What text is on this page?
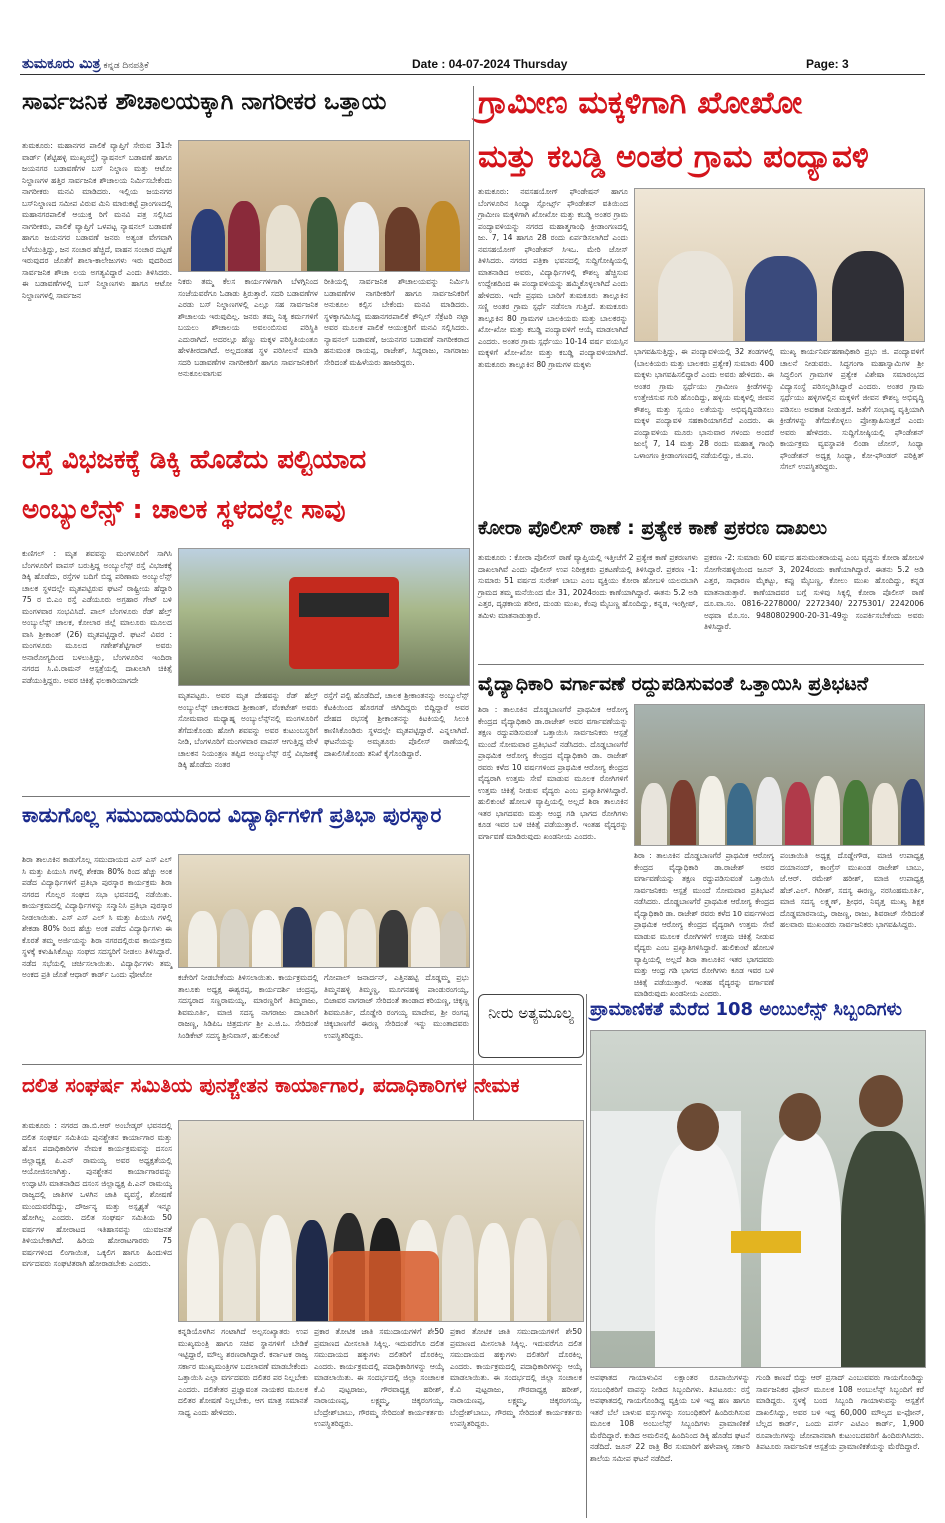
ತುಮಕೂರು ಮಿತ್ರ ಕನ್ನಡ ದಿನಪತ್ರಿಕೆ	Date : 04-07-2024 Thursday	Page: 3
ಸಾರ್ವಜನಿಕ ಶೌಚಾಲಯಕ್ಕಾಗಿ ನಾಗರೀಕರ ಒತ್ತಾಯ
ತುಮಕೂರು: ಮಹಾನಗರ ಪಾಲಿಕೆ ವ್ಯಾಪ್ತಿಗೆ ಸೇರುವ 31ನೇ ವಾರ್ಡ್ (ಶೆಟ್ಟಿಹಳ್ಳಿ ಮುಖ್ಯರಸ್ತೆ) ನ್ಯಾಷನಲ್ ಬಡಾವಣೆ ಹಾಗೂ ಜಯನಗರ ಬಡಾವಣೆಗಳ ಬಸ್ ನಿಲ್ದಾಣ ಮತ್ತು ಆಟೋ ನಿಲ್ದಾಣಗಳ ಹತ್ತಿರ ಸಾರ್ವಜನಿಕ ಶೌಚಾಲಯ ನಿರ್ಮಿಸಬೇಕೆಂದು ನಾಗರೀಕರು ಮನವಿ ಮಾಡಿದರು. ಇಲ್ಲಿಯ ಜಯನಗರ ಬಸ್‌ನಿಲ್ದಾಣದ ಸಮೀಪ ವಿರುವ ಮಿನಿ ಮಾರುಕಟ್ಟೆ ಪ್ರಾಂಗಣದಲ್ಲಿ ಮಹಾನಗರಪಾಲಿಕೆ ಆಯುಕ್ತ ರಿಗೆ ಮನವಿ ಪತ್ರ ಸಲ್ಲಿಸಿದ ನಾಗರೀಕರು, ಪಾಲಿಕೆ ವ್ಯಾಪ್ತಿಗೆ ಒಳಪಟ್ಟ ನ್ಯಾಷನಲ್ ಬಡಾವಣೆ ಹಾಗೂ ಜಯನಗರ ಬಡಾವಣೆ ಜನರು ಅತ್ಯಂತ ವೇಗವಾಗಿ ಬೆಳೆಯುತ್ತಿದ್ದು, ಜನ ಸಂಚಾರ ಹೆಚ್ಚಿದೆ, ವಾಹನ ಸಂಚಾರ ದಟ್ಟಣೆ ಇರುವುದರ ಜೊತೆಗೆ ಶಾಲಾ-ಕಾಲೇಜುಗಳು ಇರು ವುದರಿಂದ ಸಾರ್ವಜನಿಕ ಶೌಚಾ ಲಯ ಅಗತ್ಯವಿದ್ದಾರೆ ಎಂದು ತಿಳಿಸಿದರು. ಈ ಬಡಾವಣೆಗಳಲ್ಲಿ ಬಸ್ ನಿಲ್ದಾಣಗಳು ಹಾಗೂ ಆಟೋ ನಿಲ್ದಾಣಗಳಲ್ಲಿ ಸಾರ್ವಜನ
ನಿಕರು ತಮ್ಮ ಕೆಲಸ ಕಾರ್ಯಗಳಿಗಾಗಿ ಬೆಳಗ್ಗಿನಿಂದ ಸಂಜೆಯವರೆಗೂ ಓಡಾಡು ತ್ತಿರುತ್ತಾರೆ. ಸದರಿ ಬಡಾವಣೆಗಳ ಎರಡು ಬಸ್ ನಿಲ್ದಾಣಗಳಲ್ಲಿ ಎಲ್ಲೂ ಸಹ ಸಾರ್ವಜನಿಕ ಶೌಚಾಲಯ ಇರುವುದಿಲ್ಲ. ಜನರು ತಮ್ಮ ನಿತ್ಯ ಕರ್ಮಗಳಿಗೆ ಬಯಲು ಶೌಚಾಲಯ ಅವಲಂಬಿಸುವ ಪರಿಸ್ಥಿತಿ ಎದುರಾಗಿದೆ. ಅದರಲ್ಲೂ ಹೆಣ್ಣು ಮಕ್ಕಳ ಪರಿಸ್ಥಿತಿಯಂತೂ ಹೇಳತೀರದಾಗಿದೆ. ಅಲ್ಲದಂತಹ ಸ್ಥಳ ಪರಿಸೀಲನೆ ಮಾಡಿ ಸದರಿ ಬಡಾವಣೆಗಳ ನಾಗರೀಕರಿಗೆ ಹಾಗೂ ಸಾರ್ವಜನಿಕರಿಗೆ ಅನುಕೂಲವಾಗುವ
ರೀತಿಯಲ್ಲಿ ಸಾರ್ವಜನಿಕ ಶೌಚಾಲಯವನ್ನು ನಿರ್ಮಿಸಿ ಬಡಾವಣೆಗಳ ನಾಗರೀಕರಿಗೆ ಹಾಗೂ ಸಾರ್ವಜನಿಕರಿಗೆ ಅನುಕೂಲ ಕಲ್ಪಿಸ ಬೇಕೆಂದು ಮನವಿ ಮಾಡಿದರು. ಸ್ಥಳಕ್ಕಾಗಮಿಸಿದ್ದ ಮಹಾನಗರಪಾಲಿಕೆ ಕೌನ್ಸಿಲ್ ಸೆಕ್ರೆಟರಿ ನಟ್ಟಾ ಅವರ ಮೂಲಕ ಪಾಲಿಕೆ ಆಯುಕ್ತರಿಗೆ ಮನವಿ ಸಲ್ಲಿಸಿದರು. ನ್ಯಾಷನಲ್ ಬಡಾವಣೆ, ಜಯನಗರ ಬಡಾವಣೆ ನಾಗರೀಕರಾದ ಹನುಮಂತ ರಾಯಪ್ಪ, ರಾಜೇಶ್, ಸಿದ್ದರಾಜು, ನಾಗರಾಜು ಸೇರಿದಂತೆ ಮಹಿಳೆಯರು ಹಾಜರಿದ್ದರು.
ಗ್ರಾಮೀಣ ಮಕ್ಕಳಿಗಾಗಿ ಖೋಖೋ
ಮತ್ತು ಕಬಡ್ಡಿ ಅಂತರ ಗ್ರಾಮ ಪಂದ್ಯಾವಳಿ
ತುಮಕೂರು: ನವಸಹಯೋಗ್ ಫೌಂಡೇಷನ್ ಹಾಗೂ ಬೆಂಗಳೂರಿನ ಸಿಂಧ್ಯಾ ಸ್ಪೋರ್ಟ್ಸ್ ಫೌಂಡೇಶನ್ ವತಿಯಿಂದ ಗ್ರಾಮೀಣ ಮಕ್ಕಳಿಗಾಗಿ ಖೋಖೋ ಮತ್ತು ಕಬಡ್ಡಿ ಅಂತರ ಗ್ರಾಮ ಪಂದ್ಯಾವಳಿಯನ್ನು ನಗರದ ಮಹಾತ್ಮಗಾಂಧಿ ಕ್ರೀಡಾಂಗಣದಲ್ಲಿ ಜು. 7, 14 ಹಾಗೂ 28 ರಂದು ಏರ್ಪಡಿಸಲಾಗಿದೆ ಎಂದು ನವಸಹಯೋಗ್ ಫೌಂಡೇಶನ್ ಸಿಇಒ. ಮೇರಿ ಜೋಸ್ ತಿಳಿಸಿದರು. ನಗರದ ಪತ್ರಿಕಾ ಭವನದಲ್ಲಿ ಸುದ್ದಿಗೋಷ್ಠಿಯಲ್ಲಿ ಮಾತನಾಡಿದ ಅವರು, ವಿದ್ಯಾರ್ಥಿಗಳಲ್ಲಿ ಕೌಶಲ್ಯ ಹೆಚ್ಚಿಸುವ ಉದ್ದೇಶದಿಂದ ಈ ಪಂದ್ಯಾವಳಿಯನ್ನು ಹಮ್ಮಿಕೊಳ್ಳಲಾಗಿದೆ ಎಂದು ಹೇಳಿದರು. ಇದೇ ಪ್ರಥಮ ಬಾರಿಗೆ ತುಮಕೂರು ತಾಲ್ಲೂಕಿನ ಸಣ್ಣಿ ಅಂತರ ಗ್ರಾಮ ಸ್ಪರ್ಧೆ ನಡೆಸಲಾ ಗುತ್ತಿದೆ. ತುಮಕೂರು ತಾಲ್ಲೂಕಿನ 80 ಗ್ರಾಮಗಳ ಬಾಲಕಿಯರು ಮತ್ತು ಬಾಲಕರನ್ನು ಖೋ-ಖೋ ಮತ್ತು ಕಬಡ್ಡಿ ಪಂದ್ಯಾವಳಿಗೆ ಆಯ್ಕೆ ಮಾಡಲಾಗಿದೆ ಎಂದರು. ಅಂತರ ಗ್ರಾಮ ಸ್ಪರ್ಧೆಯು 10-14 ವರ್ಷ ವಯಸ್ಸಿನ ಮಕ್ಕಳಿಗೆ ಖೋ-ಖೋ ಮತ್ತು ಕಬಡ್ಡಿ ಪಂದ್ಯಾವಳಿಯಾಗಿದೆ. ತುಮಕೂರು ತಾಲ್ಲೂಕಿನ 80 ಗ್ರಾಮಗಳ ಮಕ್ಕಳು
ಭಾಗವಹಿಸುತ್ತಿದ್ದು, ಈ ಪಂದ್ಯಾವಳಿಯಲ್ಲಿ 32 ತಂಡಗಳಲ್ಲಿ (ಬಾಲಕಿಯರು ಮತ್ತು ಬಾಲಕರು ಪ್ರತ್ಯೇಕ) ಸುಮಾರು 400 ಮಕ್ಕಳು ಭಾಗವಹಿಸಲಿದ್ದಾರೆ ಎಂದು ಅವರು ಹೇಳಿದರು. ಈ ಅಂತರ ಗ್ರಾಮ ಸ್ಪರ್ಧೆಯು ಗ್ರಾಮೀಣ ಕ್ರೀಡೆಗಳನ್ನು ಉತ್ತೇಜಿಸುವ ಗುರಿ ಹೊಂದಿದ್ದು, ಹಳ್ಳಿಯ ಮಕ್ಕಳಲ್ಲಿ ಜೀವನ ಕೌಶಲ್ಯ ಮತ್ತು ಸ್ವಯಂ ಲತೆಯನ್ನು ಅಭಿವೃದ್ಧಿಪಡಿಸಲು ಮಕ್ಕಳ ಪಂದ್ಯಾವಳಿ ಸಹಕಾರಿಯಾಗಲಿದೆ ಎಂದರು. ಈ ಪಂದ್ಯಾವಳಿಯ ಮೂರು ಭಾನುವಾರ ಗಳಂದು ಅಂದರೆ ಜುಲೈ 7, 14 ಮತ್ತು 28 ರಂದು ಮಹಾತ್ಮ ಗಾಂಧಿ ಒಳಾಂಗಣ ಕ್ರೀಡಾಂಗಣದಲ್ಲಿ ನಡೆಯಲಿದ್ದು, ಜಿ.ಪಂ.
ಮುಖ್ಯ ಕಾರ್ಯನಿರ್ವಹಣಾಧಿಕಾರಿ ಪ್ರಭು ಜಿ. ಪಂದ್ಯಾವಳಿಗೆ ಚಾಲನೆ ನೀಡುವರು. ಸಿದ್ಧಗಂಗಾ ಮಹಾಸ್ವಾಮಿಗಳ ಶ್ರೀ ಸಿದ್ಧಲಿಂಗ ಗ್ರಾಮಗಳ ಪ್ರತ್ಯೇಕ ವಿಶೇಷಾ ಸಮಾರಂಭದ ವಿದ್ಯಾಸಂಸ್ಥೆ ಪರಿಸಲ್ಪಡಿಸಿದ್ದಾರೆ ಎಂದರು. ಅಂತರ ಗ್ರಾಮ ಸ್ಪರ್ಧೆಯು ಹಳ್ಳಿಗಳಲ್ಲಿನ ಮಕ್ಕಳಿಗೆ ಜೀವನ ಕೌಶಲ್ಯ ಅಭಿವೃದ್ಧಿ ಪಡಿಸಲು ಅವಕಾಶ ನೀಡುತ್ತದೆ. ಜತೆಗೆ ಸಂಭಾವ್ಯ ವೃತ್ತಿಯಾಗಿ ಕ್ರೀಡೆಗಳನ್ನು ತೆಗೆದುಕೊಳ್ಳಲು ಪ್ರೋತ್ಸಾಹಿಸುತ್ತದೆ ಎಂದು ಅವರು ಹೇಳಿದರು. ಸುದ್ದಿಗೋಷ್ಠಿಯಲ್ಲಿ ಫೌಂಡೇಶನ್ ಕಾರ್ಯಕ್ರಮ ವ್ಯವಸ್ಥಾಪಕಿ ಲಿಂಡಾ ಜೋಸ್, ಸಿಂಧ್ಯಾ ಫೌಂಡೇಶನ್ ಅಧ್ಯಕ್ಷ ಸಿಂಧ್ಯಾ, ಕೋ-ಫೌಂಡರ್ ಪರಿಕ್ಷಿತ್ ಸೆಗಲ್ ಉಪಸ್ಥಿತರಿದ್ದರು.
ರಸ್ತೆ ವಿಭಜಕಕ್ಕೆ ಡಿಕ್ಕಿ ಹೊಡೆದು ಪಲ್ಟಿಯಾದ
ಅಂಬ್ಯುಲೆನ್ಸ್ : ಚಾಲಕ ಸ್ಥಳದಲ್ಲೇ ಸಾವು
ಕುಣಿಗಲ್ : ಮೃತ ಶವವನ್ನು ಮಂಗಳೂರಿಗೆ ಸಾಗಿಸಿ ಬೆಂಗಳೂರಿಗೆ ವಾಪಸ್ ಬರುತ್ತಿದ್ದ ಅಂಬ್ಯುಲೆನ್ಸ್ ರಸ್ತೆ ವಿಭಜಕಕ್ಕೆ ಡಿಕ್ಕಿ ಹೊಡೆದು, ರಸ್ತೆಗಳ ಬದಿಗೆ ಬಿದ್ದ ಪರಿಣಾಮ ಅಂಬ್ಯುಲೆನ್ಸ್ ಚಾಲಕ ಸ್ಥಳದಲ್ಲೇ ಮೃತಪಟ್ಟಿರುವ ಘಟನೆ ರಾಷ್ಟ್ರೀಯ ಹೆದ್ದಾರಿ 75 ರ ಬಿ.ಎಂ ರಸ್ತೆ ಎಡೆಯೂರು ಅಗ್ರಹಾರ ಗೇಟ್ ಬಳಿ ಮಂಗಳವಾರ ಸಂಭವಿಸಿದೆ. ಪಾಲ್ ಬೆಂಗಳೂರು ರೆಡ್ ಹೆಲ್ತ್ ಅಂಬ್ಯುಲೆನ್ಸ್ ಚಾಲಕ, ಕೋಲಾರ ಜಿಲ್ಲೆ ಮಾಲೂರು ಮೂಲದ ವಾಸಿ ಶ್ರೀಕಾಂತ್ (26) ಮೃತಪಟ್ಟಿದ್ದಾರೆ. ಘಟನೆ ವಿವರ : ಮಂಗಳೂರು ಮೂಲದ ಗಣೇಶ್‌ಶೆಟ್ಟಿಗಾರ್ ಅವರು ಅನಾರೋಗ್ಯದಿಂದ ಬಳಲುತ್ತಿದ್ದು, ಬೆಂಗಳೂರಿನ ಇಂದಿರಾ ನಗರದ ಸಿ.ವಿ.ರಾಮನ್ ಆಸ್ಪತ್ರೆಯಲ್ಲಿ ದಾಖಲಾಗಿ ಚಿಕಿತ್ಸೆ ಪಡೆಯುತ್ತಿದ್ದರು. ಅವರ ಚಿಕಿತ್ಸೆ ಫಲಕಾರಿಯಾಗದೇ
ಮೃತಪಟ್ಟರು. ಅವರ ಮೃತ ದೇಹವನ್ನು ರೆಡ್ ಹೆಲ್ತ್ ಅಂಬ್ಯುಲೆನ್ಸ್ ಚಾಲಕರಾದ ಶ್ರೀಕಾಂತ್, ವೆಂಕಟೇಶ್ ಅವರು ಸೋಮವಾರ ಮಧ್ಯಾಹ್ನ ಅಂಬ್ಯುಲೆನ್ಸ್‌ನಲ್ಲಿ ಮಂಗಳೂರಿಗೆ ತೆಗೆದುಕೊಂಡು ಹೋಗಿ ಶವವನ್ನು ಅವರ ಕುಟುಂಬಸ್ಥರಿಗೆ ನೀಡಿ, ಬೆಂಗಳೂರಿಗೆ ಮಂಗಳವಾರ ವಾಪಸ್ ಆಗುತ್ತಿದ್ದ ವೇಳೆ ಚಾಲಕನ ನಿಯಂತ್ರಣ ತಪ್ಪಿದ ಅಂಬ್ಯುಲೆನ್ಸ್ ರಸ್ತೆ ವಿಭಜಕಕ್ಕೆ ಡಿಕ್ಕಿ ಹೊಡೆದು ನಂತರ
ರಸ್ತೆಗೆ ಪಲ್ಟಿ ಹೊಡೆದಿದೆ, ಚಾಲಕ ಶ್ರೀಕಾಂತನನ್ನು ಅಂಬ್ಯುಲೆನ್ಸ್ ಕೆಟಕಿಯಿಂದ ಹೊರಗಡೆ ಜಿಗಿದಿದ್ದರು ಬಿದ್ದಿದ್ದಾರೆ ಅವರ ದೇಹದ ರಭಸಕ್ಕೆ ಶ್ರೀಕಾಂತನನ್ನು ಕಿಟಕಿಯಲ್ಲಿ ಸಿಲುಕಿ ಕಾಣಿಸಿಕೊಂಡಿರು ಸ್ಥಳದಲ್ಲೇ ಮೃತಪಟ್ಟಿದ್ದಾರೆ. ಎನ್ನಲಾಗಿದೆ. ಘಟನೆಯನ್ನು ಅಮೃತೂರು ಪೊಲೀಸ್ ಠಾಣೆಯಲ್ಲಿ ದಾಖಲಿಸಿಕೊಂಡು ತನಿಖೆ ಕೈಗೊಂಡಿದ್ದಾರೆ.
ಕೋರಾ ಪೊಲೀಸ್ ಠಾಣೆ : ಪ್ರತ್ಯೇಕ ಕಾಣೆ ಪ್ರಕರಣ ದಾಖಲು
ತುಮಕೂರು : ಕೋರಾ ಪೊಲೀಸ್ ಠಾಣೆ ವ್ಯಾಪ್ತಿಯಲ್ಲಿ ಇತ್ತೀಚೆಗೆ 2 ಪ್ರತ್ಯೇಕ ಕಾಣೆ ಪ್ರಕರಣಗಳು ದಾಖಲಾಗಿವೆ ಎಂದು ಪೊಲೀಸ್ ಉಪ ನಿರೀಕ್ಷಕರು ಪ್ರಕಟಣೆಯಲ್ಲಿ ತಿಳಿಸಿದ್ದಾರೆ. ಪ್ರಕರಣ -1: ಸುಮಾರು 51 ವರ್ಷದ ಸುರೇಶ್ ಬಾಬು ಎಂಬ ವ್ಯಕ್ತಿಯು ಕೋರಾ ಹೋಬಳಿ ಯಲದಬಾಗಿ ಗ್ರಾಮದ ತಮ್ಮ ಮನೆಯಿಂದ ಮೇ 31, 2024ರಂದು ಕಾಣೆಯಾಗಿದ್ದಾರೆ. ಈತನು 5.2 ಅಡಿ ಎತ್ತರ, ದೃಢಕಾಯ ಶರೀರ, ದುಂಡು ಮುಖ, ಕೆಂಪು ಮೈಬಣ್ಣ ಹೊಂದಿದ್ದು, ಕನ್ನಡ, ಇಂಗ್ಲೀಷ್, ತಮಿಳು ಮಾತನಾಡುತ್ತಾರೆ.
ಪ್ರಕರಣ -2: ಸುಮಾರು 60 ವರ್ಷದ ಹನುಮಂತರಾಯಪ್ಪ ಎಂಬ ವೃದ್ಧನು ಕೋರಾ ಹೋಬಳಿ ಸೋಗೇನಹಳ್ಳಿಯಿಂದ ಜೂನ್ 3, 2024ರಂದು ಕಾಣೆಯಾಗಿದ್ದಾರೆ. ಈತನು 5.2 ಅಡಿ ಎತ್ತರ, ಸಾಧಾರಣ ಮೈಕಟ್ಟು, ಕಪ್ಪು ಮೈಬಣ್ಣ, ಕೋಲು ಮುಖ ಹೊಂದಿದ್ದು, ಕನ್ನಡ ಮಾತನಾಡುತ್ತಾರೆ. ಕಾಣೆಯಾದವರ ಬಗ್ಗೆ ಸುಳಿವು ಸಿಕ್ಕಲ್ಲಿ ಕೋರಾ ಪೊಲೀಸ್ ಠಾಣೆ ದೂ.ವಾ.ಸಂ. 0816-2278000/ 2272340/ 2275301/ 2242006 ಅಥವಾ ಮೊ.ಸಂ. 9480802900-20-31-49ನ್ನು ಸಂಪರ್ಕಿಸಬೇಕೆಂದು ಅವರು ತಿಳಿಸಿದ್ದಾರೆ.
ವೈದ್ಯಾಧಿಕಾರಿ ವರ್ಗಾವಣೆ ರದ್ದುಪಡಿಸುವಂತೆ ಒತ್ತಾಯಿಸಿ ಪ್ರತಿಭಟನೆ
ಶಿರಾ : ತಾಲೂಕಿನ ದೊಡ್ಡಬಾಣಗೆರೆ ಪ್ರಾಥಮಿಕ ಆರೋಗ್ಯ ಕೇಂದ್ರದ ವೈದ್ಯಾಧಿಕಾರಿ ಡಾ.ರಾಜೇಶ್ ಅವರ ವರ್ಗಾವಣೆಯನ್ನು ತಕ್ಷಣ ರದ್ದುಪಡಿಸುವಂತೆ ಒತ್ತಾಯಿಸಿ ಸಾರ್ವಜನಿಕರು ಆಸ್ಪತ್ರೆ ಮುಂದೆ ಸೋಮವಾರ ಪ್ರತಿಭಟನೆ ನಡೆಸಿದರು. ದೊಡ್ಡಬಾಣಗೆರೆ ಪ್ರಾಥಮಿಕ ಆರೋಗ್ಯ ಕೇಂದ್ರದ ವೈದ್ಯಾಧಿಕಾರಿ ಡಾ. ರಾಜೇಶ್ ರವರು ಕಳೆದ 10 ವರ್ಷಗಳಿಂದ ಪ್ರಾಥಮಿಕ ಆರೋಗ್ಯ ಕೇಂದ್ರದ ವೈದ್ಯರಾಗಿ ಉತ್ತಮ ಸೇವೆ ಮಾಡುವ ಮೂಲಕ ರೋಗಿಗಳಿಗೆ ಉತ್ತಮ ಚಿಕಿತ್ಸೆ ನೀಡುವ ವೈದ್ಯರು ಎಂಬ ಪ್ರಖ್ಯಾತಿಗಳಿಸಿದ್ದಾರೆ. ಹುಲಿಕುಂಟೆ ಹೋಬಳಿ ವ್ಯಾಪ್ತಿಯಲ್ಲಿ ಅಲ್ಲದೆ ಶಿರಾ ತಾಲೂಕಿನ ಇತರ ಭಾಗದವರು ಮತ್ತು ಆಂಧ್ರ ಗಡಿ ಭಾಗದ ರೋಗಿಗಳು ಕೂಡ ಇವರ ಬಳಿ ಚಿಕಿತ್ಸೆ ಪಡೆಯುತ್ತಾರೆ. ಇಂತಹ ವೈದ್ಯರನ್ನು ವರ್ಗಾವಣೆ ಮಾಡಿರುವುದು ಖಂಡನೀಯ ಎಂದರು.
ಪಂಚಾಯಿತಿ ಅಧ್ಯಕ್ಷ ದೊಡ್ಡೇಗೌಡ, ಮಾಜಿ ಉಪಾಧ್ಯಕ್ಷ ದಯಾನಂದ್, ಕಾಂಗ್ರೆಸ್ ಮುಖಂಡ ರಾಜೇಶ್ ಬಾಬು, ಜೆ.ಆರ್. ರಮೇಶ್ ಹರೀಶ್, ಮಾಜಿ ಉಪಾಧ್ಯಕ್ಷ ಹೆಚ್.ಎಲ್. ಗಿರೀಶ್, ಸದಸ್ಯ ಈರಣ್ಣ, ನರಸಿಂಹಮೂರ್ತಿ, ಮಾಜಿ ಸದಸ್ಯ ಲಕ್ಷ್ಮಣ್, ಶ್ರೀಧರ, ನಿವೃತ್ತ ಮುಖ್ಯ ಶಿಕ್ಷಕ ದೊಡ್ಡಮಾರನಾಯ್ಕ, ರಾಜಣ್ಣ, ರಾಜು, ಶಿವರಾಜ್ ಸೇರಿದಂತೆ ಹಲವಾರು ಮುಖಂಡರು ಸಾರ್ವಜನಿಕರು ಭಾಗವಹಿಸಿದ್ದರು.
ಶಿರಾ : ತಾಲೂಕಿನ ದೊಡ್ಡಬಾಣಗೆರೆ ಪ್ರಾಥಮಿಕ ಆರೋಗ್ಯ ಕೇಂದ್ರದ ವೈದ್ಯಾಧಿಕಾರಿ ಡಾ.ರಾಜೇಶ್ ಅವರ ವರ್ಗಾವಣೆಯನ್ನು ತಕ್ಷಣ ರದ್ದುಪಡಿಸುವಂತೆ ಒತ್ತಾಯಿಸಿ ಸಾರ್ವಜನಿಕರು ಆಸ್ಪತ್ರೆ ಮುಂದೆ ಸೋಮವಾರ ಪ್ರತಿಭಟನೆ ನಡೆಸಿದರು. ದೊಡ್ಡಬಾಣಗೆರೆ ಪ್ರಾಥಮಿಕ ಆರೋಗ್ಯ ಕೇಂದ್ರದ ವೈದ್ಯಾಧಿಕಾರಿ ಡಾ. ರಾಜೇಶ್ ರವರು ಕಳೆದ 10 ವರ್ಷಗಳಿಂದ ಪ್ರಾಥಮಿಕ ಆರೋಗ್ಯ ಕೇಂದ್ರದ ವೈದ್ಯರಾಗಿ ಉತ್ತಮ ಸೇವೆ ಮಾಡುವ ಮೂಲಕ ರೋಗಿಗಳಿಗೆ ಉತ್ತಮ ಚಿಕಿತ್ಸೆ ನೀಡುವ ವೈದ್ಯರು ಎಂಬ ಪ್ರಖ್ಯಾತಿಗಳಿಸಿದ್ದಾರೆ. ಹುಲಿಕುಂಟೆ ಹೋಬಳಿ ವ್ಯಾಪ್ತಿಯಲ್ಲಿ ಅಲ್ಲದೆ ಶಿರಾ ತಾಲೂಕಿನ ಇತರ ಭಾಗದವರು ಮತ್ತು ಆಂಧ್ರ ಗಡಿ ಭಾಗದ ರೋಗಿಗಳು ಕೂಡ ಇವರ ಬಳಿ ಚಿಕಿತ್ಸೆ ಪಡೆಯುತ್ತಾರೆ. ಇಂತಹ ವೈದ್ಯರನ್ನು ವರ್ಗಾವಣೆ ಮಾಡಿರುವುದು ಖಂಡನೀಯ ಎಂದರು.
ಕಾಡುಗೊಲ್ಲ ಸಮುದಾಯದಿಂದ ವಿದ್ಯಾರ್ಥಿಗಳಿಗೆ ಪ್ರತಿಭಾ ಪುರಸ್ಕಾರ
ಶಿರಾ ತಾಲೂಕಿನ ಕಾಡುಗೊಲ್ಲ ಸಮುದಾಯದ ಎಸ್ ಎಸ್ ಎಲ್ ಸಿ ಮತ್ತು ಪಿಯುಸಿ ಗಳಲ್ಲಿ ಶೇಕಡಾ 80% ರಿಂದ ಹೆಚ್ಚು ಅಂಕ ಪಡೆದ ವಿದ್ಯಾರ್ಥಿಗಳಿಗೆ ಪ್ರತಿಭಾ ಪುರಸ್ಕಾರ ಕಾರ್ಯಕ್ರಮ ಶಿರಾ ನಗರದ ಗೊಲ್ಲರ ಸಂಘದ ಸಭಾ ಭವನದಲ್ಲಿ ನಡೆಯಿತು. ಕಾರ್ಯಕ್ರಮದಲ್ಲಿ ವಿದ್ಯಾರ್ಥಿಗಳನ್ನು ಸನ್ಮಾನಿಸಿ ಪ್ರತಿಭಾ ಪುರಸ್ಕಾರ ನೀಡಲಾಯಿತು. ಎಸ್ ಎಸ್ ಎಲ್ ಸಿ ಮತ್ತು ಪಿಯುಸಿ ಗಳಲ್ಲಿ ಶೇಕಡಾ 80% ರಿಂದ ಹೆಚ್ಚು ಅಂಕ ಪಡೆದ ವಿದ್ಯಾರ್ಥಿಗಳು ಈ ಕೊರತೆ ತಮ್ಮ ಅರ್ಜಿಯನ್ನು ಶಿರಾ ನಗರದಲ್ಲಿರುವ ಕಾರ್ಯಕ್ರಮ ಸ್ಥಳಕ್ಕೆ ಕಳುಹಿಸಿಕೊಟ್ಟು ಸಂಘದ ಸದಸ್ಯರಿಗೆ ನೀಡಲು ತಿಳಿಸಿದ್ದಾರೆ. ನಡೆದ ಸಭೆಯಲ್ಲಿ ಚರ್ಚಿಸಲಾಯಿತು. ವಿದ್ಯಾರ್ಥಿಗಳು ತಮ್ಮ ಅಂಕದ ಪ್ರತಿ ಜೊತೆ ಆಧಾರ್ ಕಾರ್ಡ್ ಒಂದು ಫೋಟೋ	ಕಚೇರಿಗೆ ನೀಡಬೇಕೆಂದು ತಿಳಿಸಲಾಯಿತು. ಕಾರ್ಯಕ್ರಮದಲ್ಲಿ ತಾಲೂಕು ಅಧ್ಯಕ್ಷ ಈಶ್ವರಪ್ಪ, ಕಾರ್ಯದರ್ಶಿ ಚಂದ್ರಪ್ಪ, ಸದಸ್ಯರಾದ ಸಣ್ಣರಾಮಯ್ಯ, ಮಾರಣ್ಣರಿಗೆ ತಿಮ್ಮರಾಜು, ಶಿವಮೂರ್ತಿ, ಮಾಜಿ ಸದಸ್ಯ ನಾಗರಾಜು ದಾಬಾರಿಗೆ ರಾಜಣ್ಣ, ಸಿಡಿಪಿಒ ಚಿತ್ರದುರ್ಗ ಶ್ರೀ ಎ.ಜಿ.ಒ. ಸೇರಿದಂತೆ ಸಿಂಡಿಕೇಟ್ ಸದಸ್ಯ ಶ್ರೀನಿವಾಸ್, ಹುಲಿಕುಂಟೆ
ಗೋಪಾಲ್ ಜನಾರ್ದನ್, ಎತ್ತಿನಹಟ್ಟಿ ದೊಡ್ಡಮ್ಮ ಪ್ರಭು ತಿಮ್ಮನಹಳ್ಳಿ ತಿಮ್ಮಣ್ಣ, ಮೂಗನಹಳ್ಳಿ ಪಾಂಡುರಂಗಯ್ಯ, ಬಿಜಾವರ ನಾಗರಾಜ್ ಸೇರಿದಂತೆ ತಾಂಡಾದ ಕರಿಯಣ್ಣ, ಚಿಕ್ಕಣ್ಣ ಶಿವಮೂರ್ತಿ, ದೊಡ್ಡೇರಿ ರಂಗಯ್ಯ ಮಾದೇವ, ಶ್ರೀ ರಂಗಪ್ಪ ಚಿಕ್ಕಬಾಣಗೆರೆ ಈರಣ್ಣ ಸೇರಿದಂತೆ ಇನ್ನು ಮುಂತಾದವರು ಉಪಸ್ಥಿತರಿದ್ದರು.
ನೀರು ಅತ್ಯಮೂಲ್ಯ ಪ್ರಾಮಾಣಿಕತೆ ಮೆರೆದ 108 ಅಂಬುಲೆನ್ಸ್ ಸಿಬ್ಬಂದಿಗಳು
ಅಪಘಾತದ ಗಾಯಾಳುವಿನ ಲಕ್ಷಾಂತರ ರೂಪಾಯಿಗಳನ್ನು ಸಂಬಂಧಿಕರಿಗೆ ವಾಪಸ್ಸು ನೀಡಿದ ಸಿಬ್ಬಂದಿಗಳು. ತಿಪಟೂರು: ರಸ್ತೆ ಅಪಘಾತದಲ್ಲಿ ಗಾಯಗೊಂಡಿದ್ದ ವ್ಯಕ್ತಿಯ ಬಳಿ ಇದ್ದ ಹಣ ಹಾಗೂ ಇತರೆ ಬೆಲೆ ಬಾಳುವ ವಸ್ತುಗಳನ್ನು ಸಂಬಂಧಿಕರಿಗೆ ಹಿಂದಿರುಗಿಸುವ ಮೂಲಕ 108 ಅಂಬುಲೆನ್ಸ್ ಸಿಬ್ಬಂದಿಗಳು ಪ್ರಾಮಾಣಿಕತೆ ಮೆರೆದಿದ್ದಾರೆ. ಕುಡಿದ ಅಮಲಿನಲ್ಲಿ ಹಿಂದಿನಿಂದ ಡಿಕ್ಕಿ ಹೊಡೆದ ಘಟನೆ ನಡೆದಿದೆ. ಜೂನ್ 22 ರಾತ್ರಿ 8ರ ಸುಮಾರಿಗೆ ಹಳೇಪಾಳ್ಯ ಸರ್ಕಾರಿ ಶಾಲೆಯ ಸಮೀಪ ಘಟನೆ ನಡೆದಿದೆ.
ಗುಂಡಿ ಕಾಣದೆ ಬಿದ್ದು ಆರ್ ಪ್ರಸಾದ್ ಎಂಬುವವರು ಗಾಯಗೊಂಡಿದ್ದು ಸಾರ್ವಜನಿಕರ ಫೋನ್ ಮೂಲಕ 108 ಅಂಬುಲೆನ್ಸ್ ಸಿಬ್ಬಂದಿಗೆ ಕರೆ ಮಾಡಿದ್ದರು. ಸ್ಥಳಕ್ಕೆ ಬಂದ ಸಿಬ್ಬಂದಿ ಗಾಯಾಳುವನ್ನು ಆಸ್ಪತ್ರೆಗೆ ದಾಖಲಿಸಿದ್ದು, ಅವರ ಬಳಿ ಇದ್ದ 60,000 ಮೌಲ್ಯದ ಐ-ಫೋನ್, ಬೆಲ್ಲದ ಕಾರ್ಡ್, ಒಂದು ಪರ್ಸ್ ಎಟಿಎಂ ಕಾರ್ಡ್, 1,900 ರೂಪಾಯಿಗಳನ್ನು ಜೋಪಾನವಾಗಿ ಕುಟುಂಬದವರಿಗೆ ಹಿಂದಿರುಗಿಸಿದರು. ತಿಪಟೂರು ಸಾರ್ವಜನಿಕ ಆಸ್ಪತ್ರೆಯ ಪ್ರಾಮಾಣಿಕತೆಯನ್ನು ಮೆರೆದಿದ್ದಾರೆ.
ದಲಿತ ಸಂಘರ್ಷ ಸಮಿತಿಯ ಪುನಶ್ಚೇತನ ಕಾರ್ಯಾಗಾರ, ಪದಾಧಿಕಾರಿಗಳ ನೇಮಕ
ತುಮಕೂರು : ನಗರದ ಡಾ.ಬಿ.ಆರ್ ಅಂಬೇಡ್ಕರ್ ಭವನದಲ್ಲಿ ದಲಿತ ಸಂಘರ್ಷ ಸಮಿತಿಯ ಪುನಶ್ಚೇತನ ಕಾರ್ಯಾಗಾರ ಮತ್ತು ಹೊಸ ಪದಾಧಿಕಾರಿಗಳ ನೇಮಕ ಕಾರ್ಯಕ್ರಮವನ್ನು ದಸಂಸ ಜಿಲ್ಲಾಧ್ಯಕ್ಷ ಪಿ.ಎನ್ ರಾಮಯ್ಯ ಅವರ ಅಧ್ಯಕ್ಷತೆಯಲ್ಲಿ ಆಯೋಜಿಸಲಾಗಿತ್ತು. ಪುನಶ್ಚೇತನ ಕಾರ್ಯಾಗಾರವನ್ನು ಉದ್ಘಾಟಿಸಿ ಮಾತನಾಡಿದ ದಸಂಸ ಜಿಲ್ಲಾಧ್ಯಕ್ಷ ಪಿ.ಎನ್ ರಾಮಯ್ಯ ರಾಜ್ಯದಲ್ಲಿ ಜಾತಿಗಳ ಒಳಗಿನ ಜಾತಿ ವ್ಯವಸ್ಥೆ, ಶೋಷಣೆ ಮುಂದುವರೆದಿದ್ದು, ದೌರ್ಜನ್ಯ ಮತ್ತು ಅಸ್ಪೃಶ್ಯತೆ ಇನ್ನೂ ಹೋಗಿಲ್ಲ ಎಂದರು. ದಲಿತ ಸಂಘರ್ಷ ಸಮಿತಿಯ 50 ವರ್ಷಗಳ ಹೋರಾಟದ ಇತಿಹಾಸವನ್ನು ಯುವಜನತೆ ತಿಳಿಯಬೇಕಾಗಿದೆ. ಹಿರಿಯ ಹೋರಾಟಗಾರರು 75 ವರ್ಷಗಳಿಂದ ಲಿಂಗಾಯಿತ, ಒಕ್ಕಲಿಗ ಹಾಗೂ ಹಿಂದುಳಿದ ವರ್ಗದವರು ಸಂಘಟಿತರಾಗಿ ಹೋರಾಡಬೇಕು ಎಂದರು.
ಕನ್ನಡಿಯೊಳಗಿನ ಗಂಟಾಗಿದೆ ಅಲ್ಪಸಂಖ್ಯಾತರು ಉಪ ಮುಖ್ಯಮಂತ್ರಿ ಹಾಗೂ ಸಚಿವ ಸ್ಥಾನಗಳಿಗೆ ಬೇಡಿಕೆ ಇಟ್ಟಿದ್ದಾರೆ, ಮೌಲ್ಯ ಶರಣರಾಗಿದ್ದಾರೆ. ಕರ್ನಾಟಕ ರಾಜ್ಯ ಸರ್ಕಾರ ಮುಖ್ಯಮಂತ್ರಿಗಳ ಬದಲಾವಣೆ ಮಾಡಬೇಕೆಂದು ಒತ್ತಾಯಿಸಿ ಎಲ್ಲಾ ವರ್ಗದವರು ದಲಿತರ ಪರ ನಿಲ್ಲಬೇಕು ಎಂದರು. ದಲಿತೇತರ ಪ್ರಜ್ಞಾವಂತ ನಾಯಕರ ಮೂಲಕ ದಲಿತರ ಶೋಷಣೆ ನಿಲ್ಲಬೇಕು, ಆಗ ಮಾತ್ರ ಸಮಾನತೆ ಸಾಧ್ಯ ಎಂದು ಹೇಳಿದರು.
ಪ್ರಕಾರ ತೋಟಿಕ ಜಾತಿ ಸಮುದಾಯಗಳಿಗೆ ಶೇ50 ಪ್ರಮಾಣದ ಮೀಸಲಾತಿ ಸಿಕ್ಕಿಲ್ಲ. ಇದುವರೆಗೂ ದಲಿತ ಸಮುದಾಯದ ಹಕ್ಕುಗಳು ದಲಿತರಿಗೆ ದೊರಕಿಲ್ಲ ಎಂದರು. ಕಾರ್ಯಕ್ರಮದಲ್ಲಿ ಪದಾಧಿಕಾರಿಗಳನ್ನು ಆಯ್ಕೆ ಮಾಡಲಾಯಿತು. ಈ ಸಂದರ್ಭದಲ್ಲಿ ಜಿಲ್ಲಾ ಸಂಚಾಲಕ ಕೆ.ವಿ ಪುಟ್ಟರಾಜು, ಗೌರವಾಧ್ಯಕ್ಷ ಹರೀಶ್, ನಾರಾಯಣಪ್ಪ, ಲಕ್ಷ್ಮಮ್ಮ, ಚಿಕ್ಕರಂಗಯ್ಯ, ಬೆಂದ್ರೇಶ್‌ಬಾಬು, ಗೌರಮ್ಮ ಸೇರಿದಂತೆ ಕಾರ್ಯಕರ್ತರು ಉಪಸ್ಥಿತರಿದ್ದರು.
ಪ್ರಕಾರ ತೋಟಿಕ ಜಾತಿ ಸಮುದಾಯಗಳಿಗೆ ಶೇ50 ಪ್ರಮಾಣದ ಮೀಸಲಾತಿ ಸಿಕ್ಕಿಲ್ಲ. ಇದುವರೆಗೂ ದಲಿತ ಸಮುದಾಯದ ಹಕ್ಕುಗಳು ದಲಿತರಿಗೆ ದೊರಕಿಲ್ಲ ಎಂದರು. ಕಾರ್ಯಕ್ರಮದಲ್ಲಿ ಪದಾಧಿಕಾರಿಗಳನ್ನು ಆಯ್ಕೆ ಮಾಡಲಾಯಿತು. ಈ ಸಂದರ್ಭದಲ್ಲಿ ಜಿಲ್ಲಾ ಸಂಚಾಲಕ ಕೆ.ವಿ ಪುಟ್ಟರಾಜು, ಗೌರವಾಧ್ಯಕ್ಷ ಹರೀಶ್, ನಾರಾಯಣಪ್ಪ, ಲಕ್ಷ್ಮಮ್ಮ, ಚಿಕ್ಕರಂಗಯ್ಯ, ಬೆಂದ್ರೇಶ್‌ಬಾಬು, ಗೌರಮ್ಮ ಸೇರಿದಂತೆ ಕಾರ್ಯಕರ್ತರು ಉಪಸ್ಥಿತರಿದ್ದರು.
